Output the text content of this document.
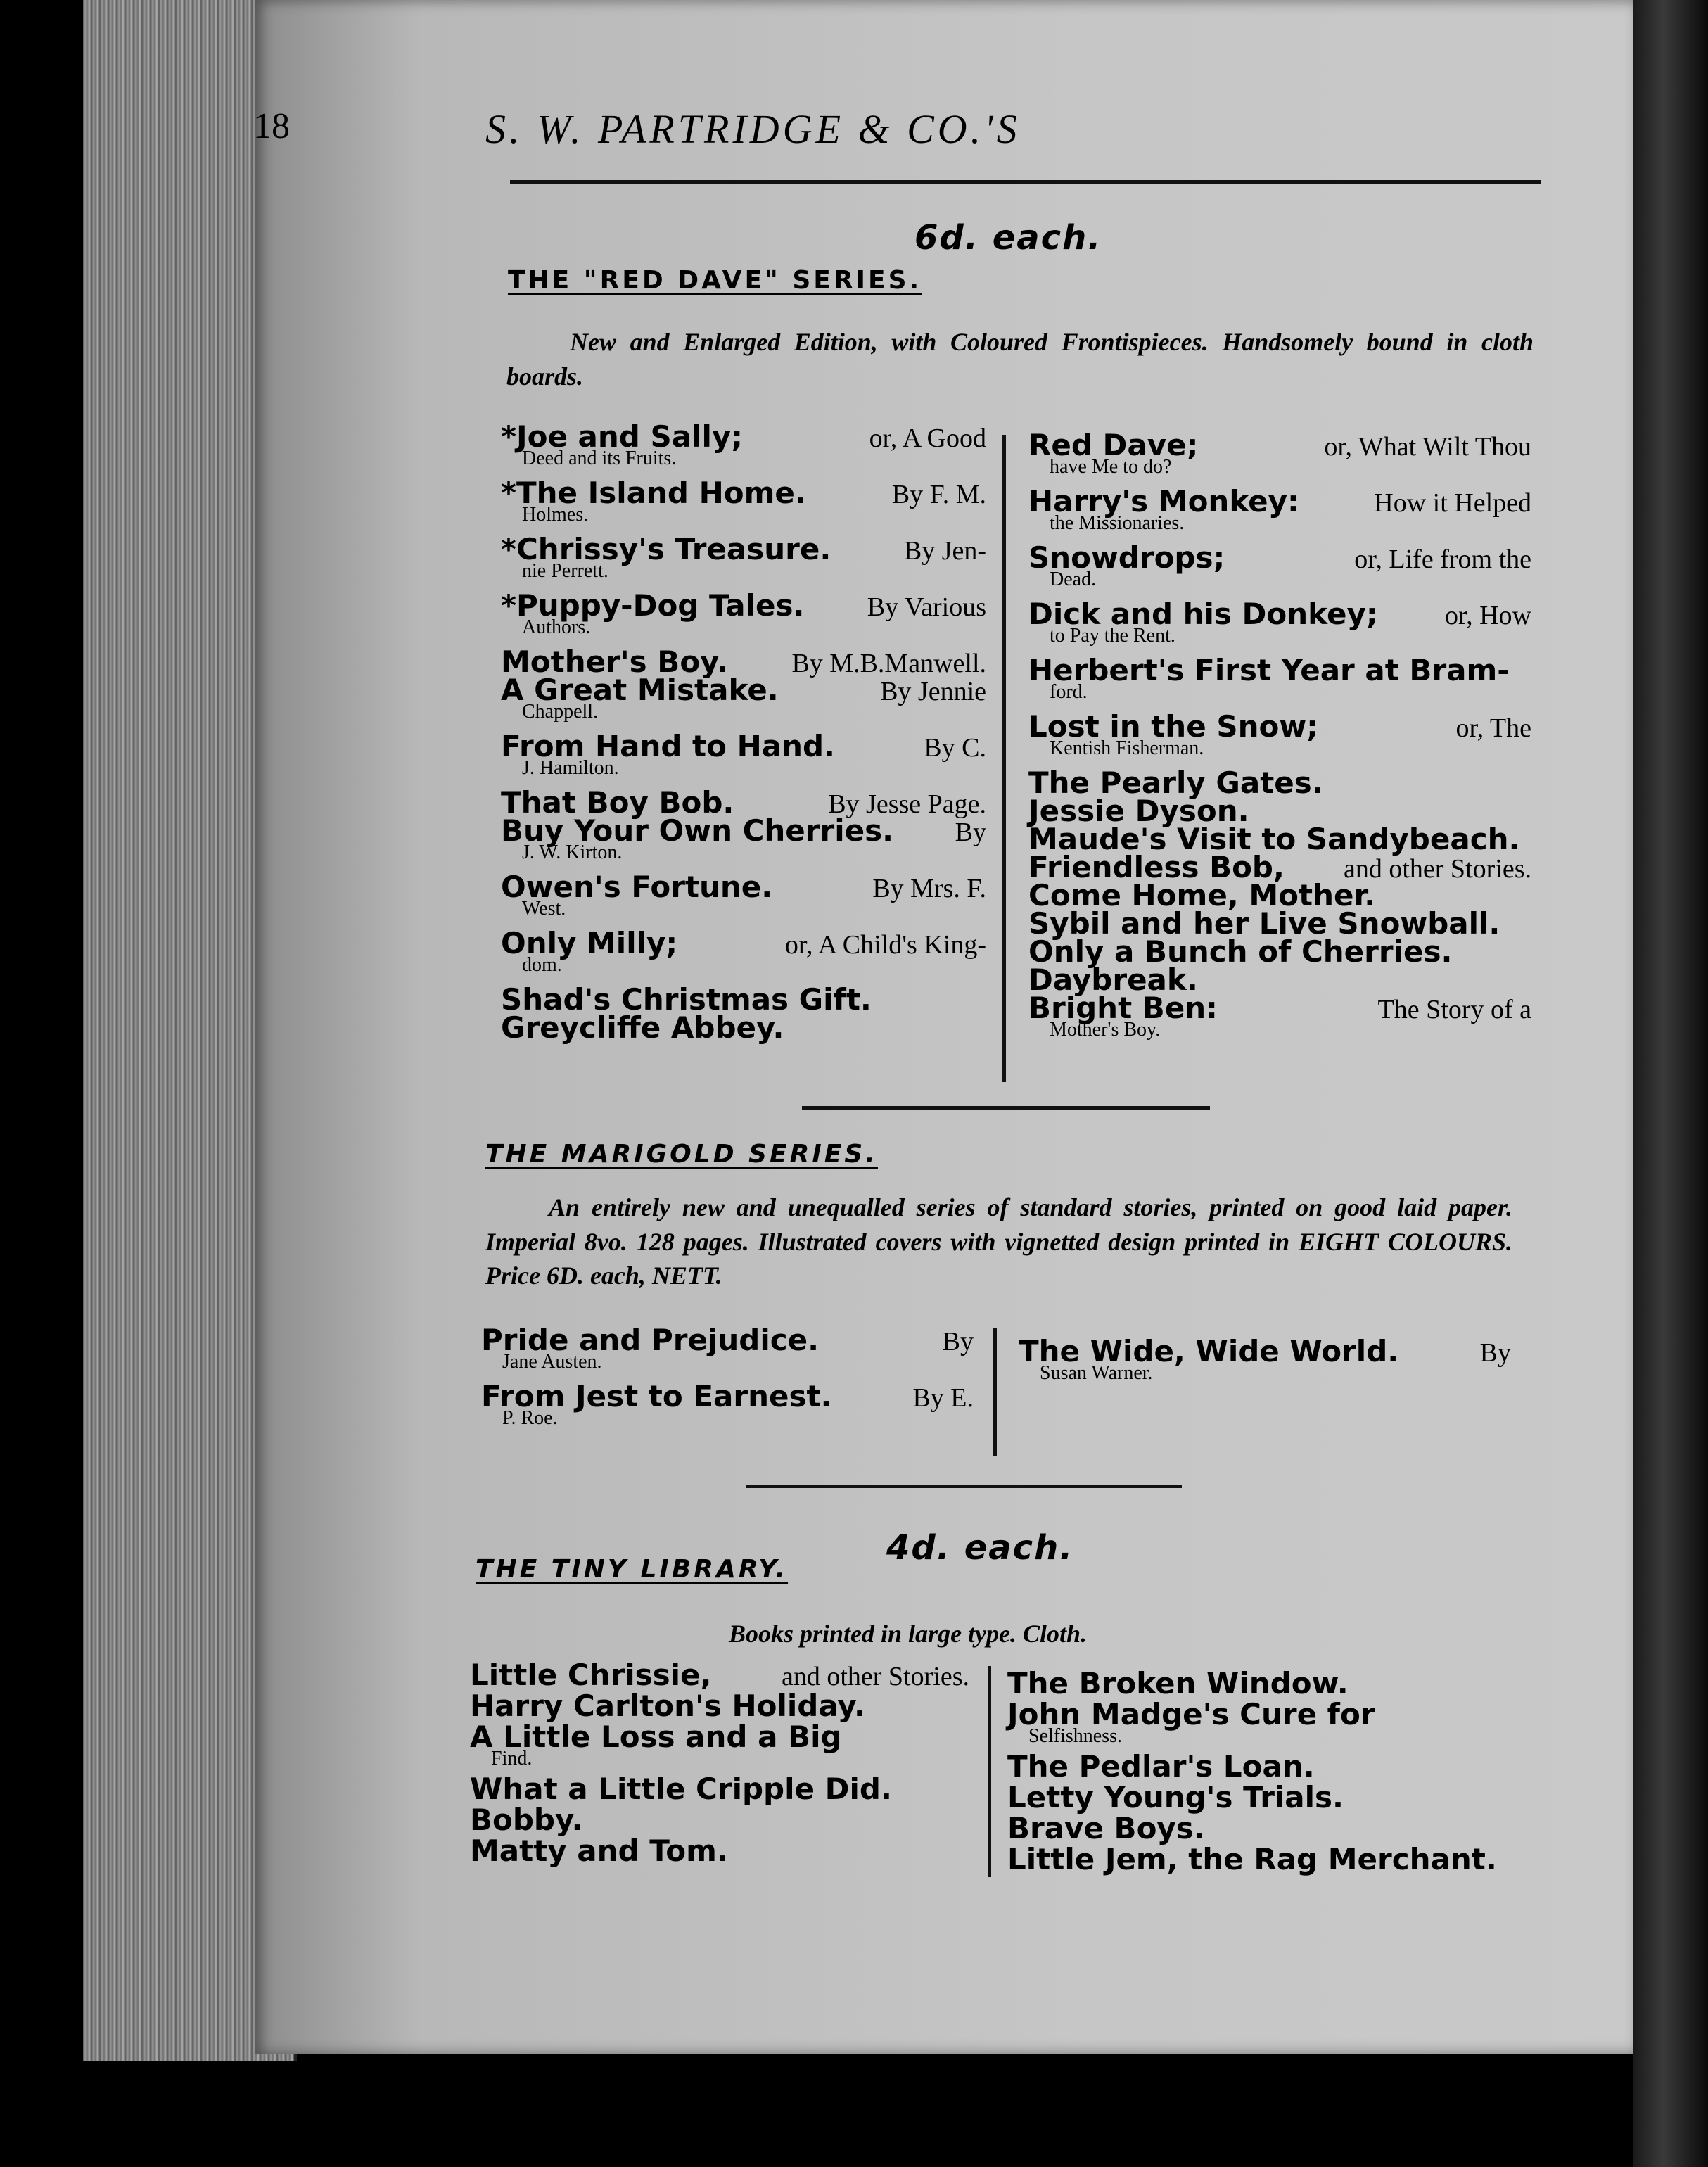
18	S. W. PARTRIDGE & CO.'S
6d. each.
THE "RED DAVE" SERIES.
New and Enlarged Edition, with Coloured Frontispieces. Handsomely bound in cloth boards.
*Joe and Sally;	or, A Good
Deed and its Fruits.
*The Island Home.	By F. M.
Holmes.
*Chrissy's Treasure.	By Jen-
nie Perrett.
*Puppy-Dog Tales. By Various
Authors.
Mother's Boy. By M.B.Manwell.
A Great Mistake.	By Jennie
Chappell.
From Hand to Hand.	By C.
J. Hamilton.
That Boy Bob.	By Jesse Page.
Buy Your Own Cherries. By
J. W. Kirton.
Owen's Fortune.	By Mrs. F.
West.
Only Milly;	or, A Child's King-
dom.
Shad's Christmas Gift.
Greycliffe Abbey.
Red Dave;	or, What Wilt Thou
have Me to do?
Harry's Monkey:	How it Helped
the Missionaries.
Snowdrops;	or, Life from the
Dead.
Dick and his Donkey;	or, How
to Pay the Rent.
Herbert's First Year at Bram-
ford.
Lost in the Snow;	or, The
Kentish Fisherman.
The Pearly Gates.
Jessie Dyson.
Maude's Visit to Sandybeach.
Friendless Bob, and other Stories.
Come Home, Mother.
Sybil and her Live Snowball.
Only a Bunch of Cherries.
Daybreak.
Bright Ben:	The Story of a
Mother's Boy.
THE MARIGOLD SERIES.
An entirely new and unequalled series of standard stories, printed on good laid paper. Imperial 8vo. 128 pages. Illustrated covers with vignetted design printed in EIGHT COLOURS. Price 6D. each, NETT.
Pride and Prejudice.	By
Jane Austen.
From Jest to Earnest.	By E.
P. Roe.
The Wide, Wide World.	By
Susan Warner.
4d. each.
THE TINY LIBRARY.
Books printed in large type. Cloth.
Little Chrissie,	and other Stories.
Harry Carlton's Holiday.
A Little Loss and a Big
Find.
What a Little Cripple Did.
Bobby.
Matty and Tom.
The Broken Window.
John Madge's Cure for
Selfishness.
The Pedlar's Loan.
Letty Young's Trials.
Brave Boys.
Little Jem, the Rag Merchant.
